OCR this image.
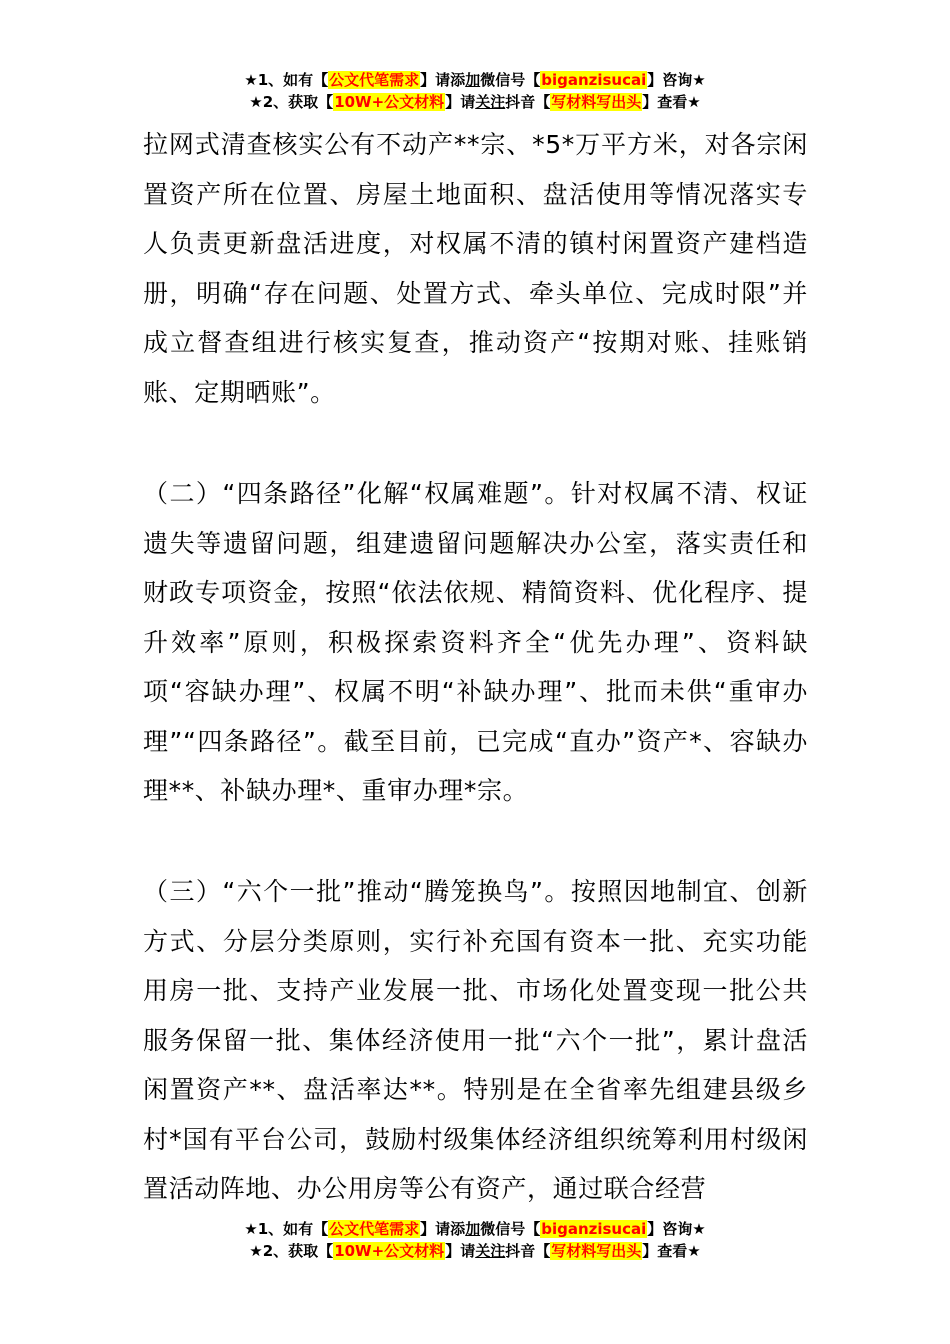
★1、如有【公文代笔需求】请添加微信号【biganzisucai】咨询★
★2、获取【10W+公文材料】请关注抖音【写材料写出头】查看★
拉网式清查核实公有不动产**宗、*5*万平方米，对各宗闲置资产所在位置、房屋土地面积、盘活使用等情况落实专人负责更新盘活进度，对权属不清的镇村闲置资产建档造册，明确“存在问题、处置方式、牵头单位、完成时限”并成立督查组进行核实复查，推动资产“按期对账、挂账销账、定期晒账”。
（二）“四条路径”化解“权属难题”。针对权属不清、权证遗失等遗留问题，组建遗留问题解决办公室，落实责任和财政专项资金，按照“依法依规、精简资料、优化程序、提升效率”原则，积极探索资料齐全“优先办理”、资料缺项“容缺办理”、权属不明“补缺办理”、批而未供“重审办理”“四条路径”。截至目前，已完成“直办”资产*、容缺办理**、补缺办理*、重审办理*宗。
（三）“六个一批”推动“腾笼换鸟”。按照因地制宜、创新方式、分层分类原则，实行补充国有资本一批、充实功能用房一批、支持产业发展一批、市场化处置变现一批公共服务保留一批、集体经济使用一批“六个一批”，累计盘活闲置资产**、盘活率达**。特别是在全省率先组建县级乡村*国有平台公司，鼓励村级集体经济组织统筹利用村级闲置活动阵地、办公用房等公有资产，通过联合经营
★1、如有【公文代笔需求】请添加微信号【biganzisucai】咨询★
★2、获取【10W+公文材料】请关注抖音【写材料写出头】查看★
